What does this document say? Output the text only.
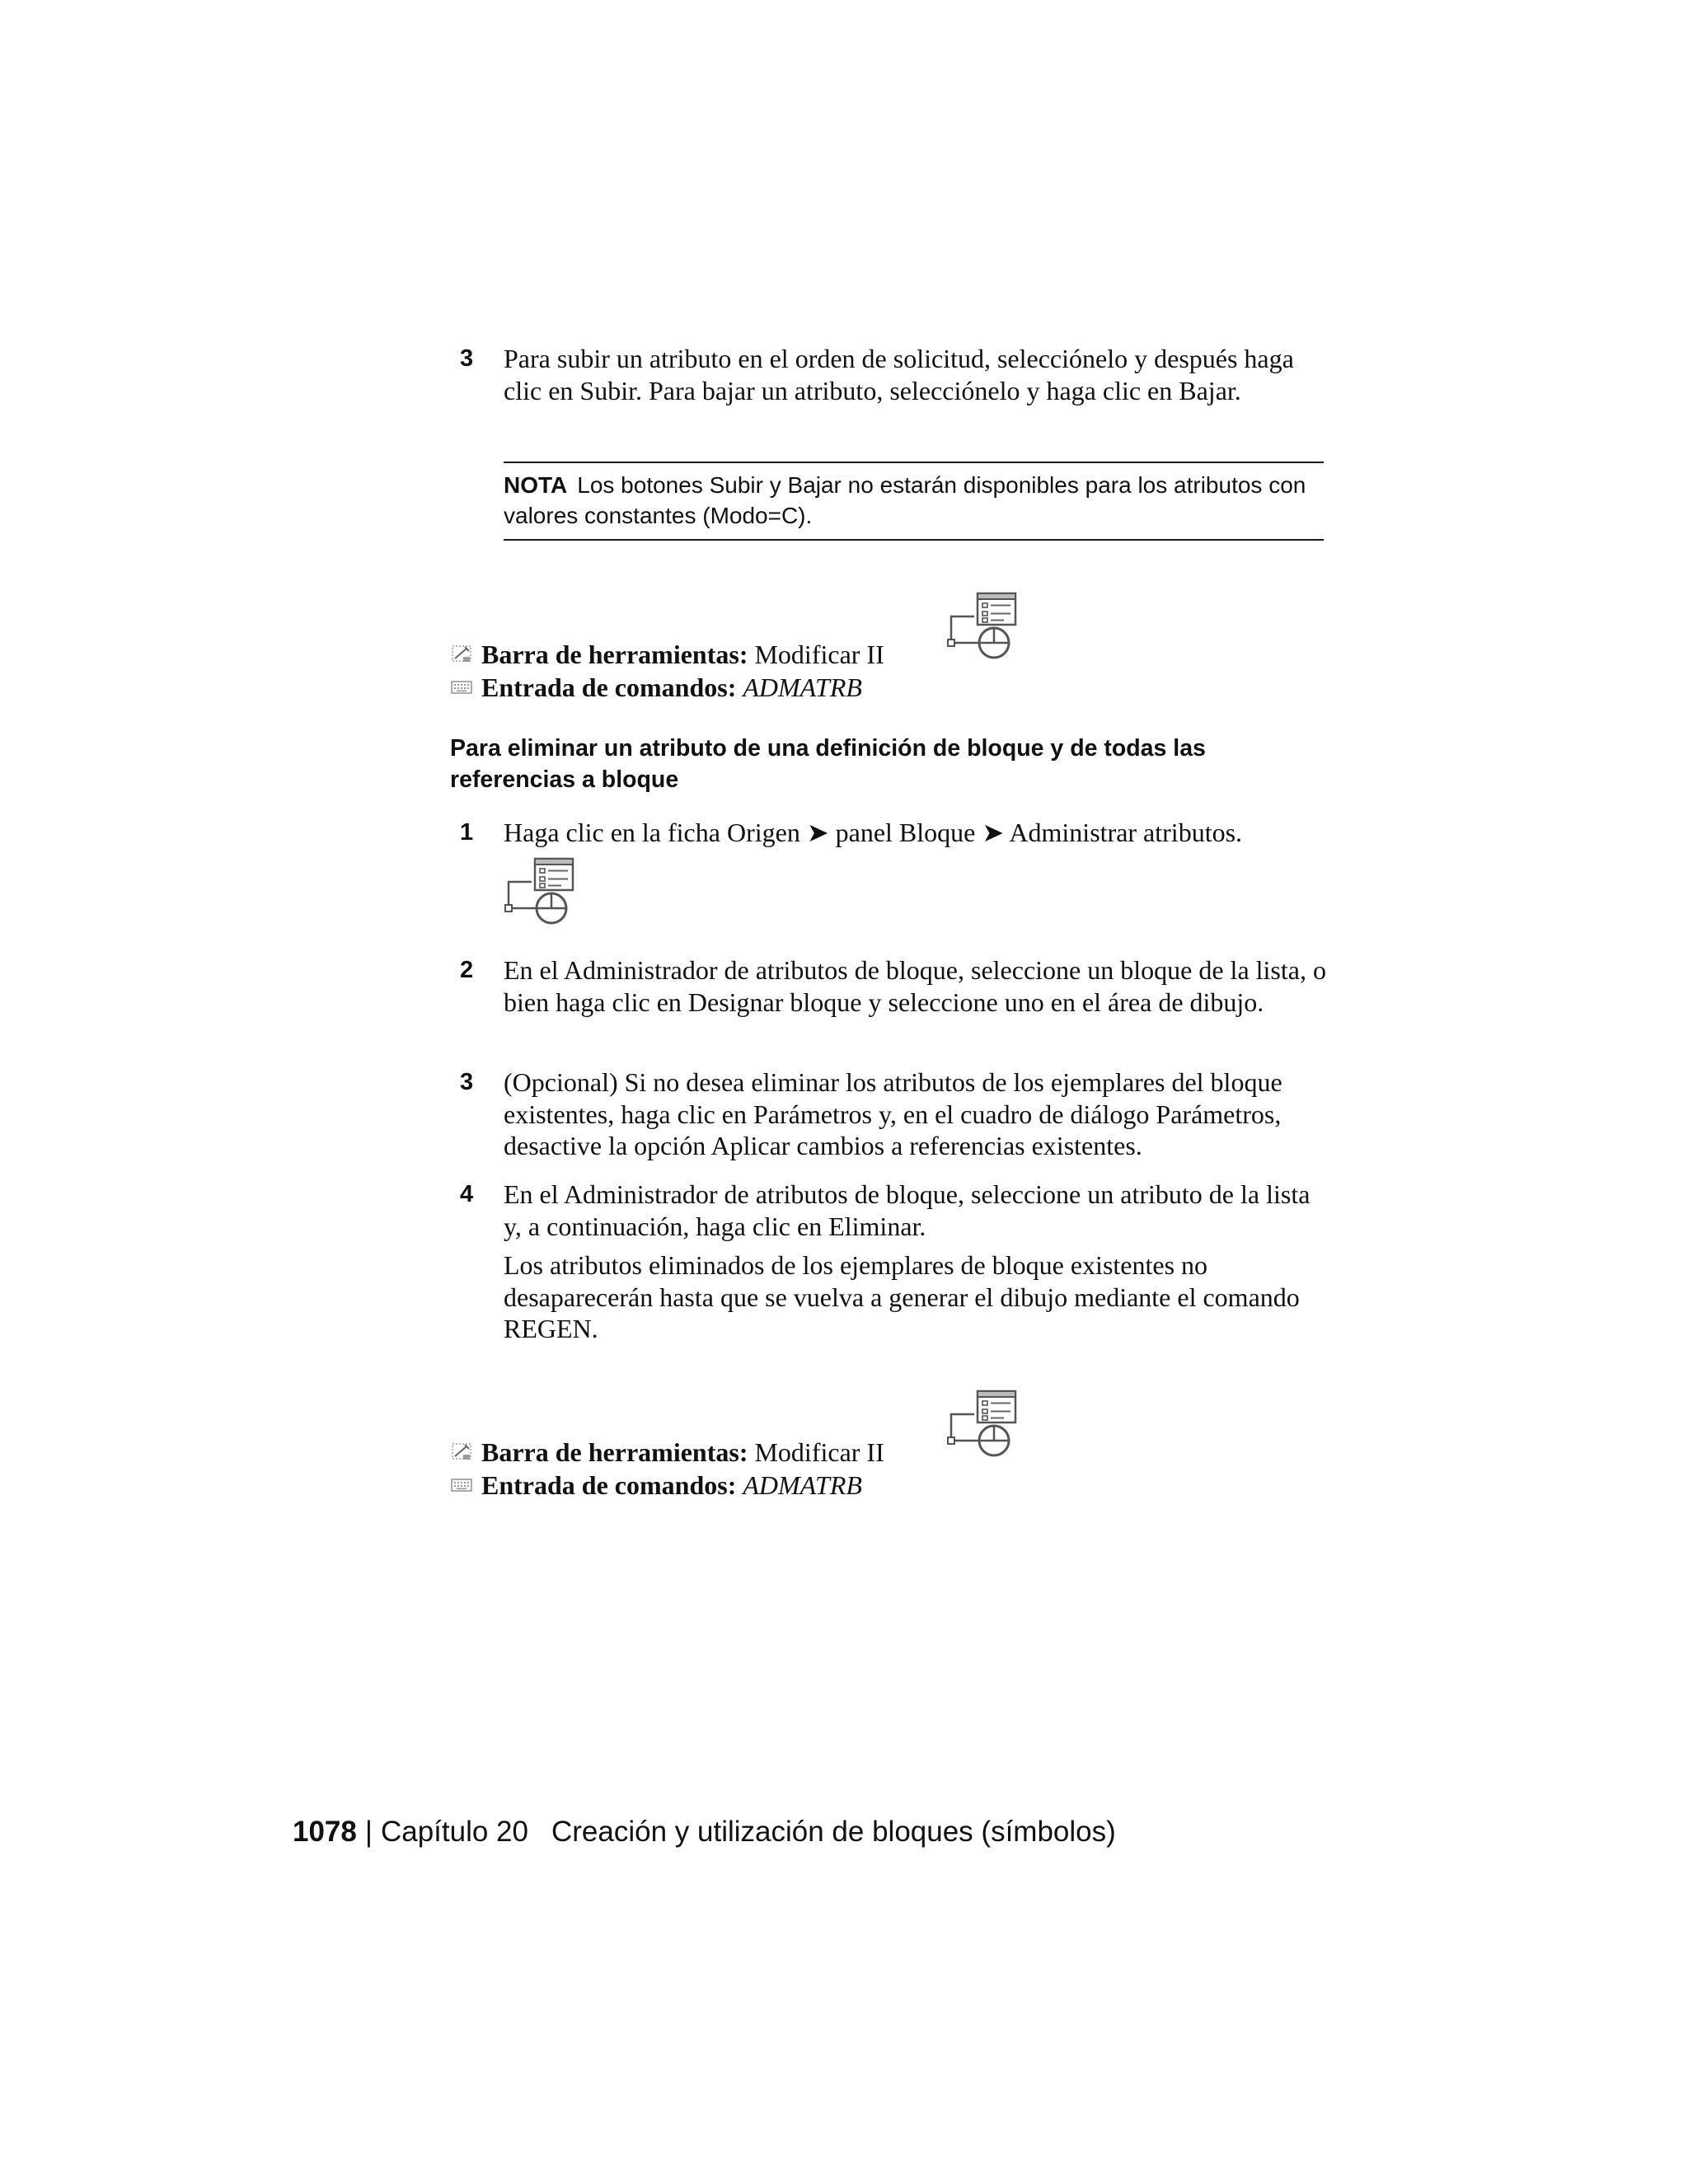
3	Para subir un atributo en el orden de solicitud, selecciónelo y después haga clic en Subir. Para bajar un atributo, selecciónelo y haga clic en Bajar.

NOTA Los botones Subir y Bajar no estarán disponibles para los atributos con valores constantes (Modo=C).

Barra de herramientas: Modificar II
Entrada de comandos: ADMATRB

Para eliminar un atributo de una definición de bloque y de todas las referencias a bloque

1	Haga clic en la ficha Origen ➤ panel Bloque ➤ Administrar atributos.

2	En el Administrador de atributos de bloque, seleccione un bloque de la lista, o bien haga clic en Designar bloque y seleccione uno en el área de dibujo.

3	(Opcional) Si no desea eliminar los atributos de los ejemplares del bloque existentes, haga clic en Parámetros y, en el cuadro de diálogo Parámetros, desactive la opción Aplicar cambios a referencias existentes.

4	En el Administrador de atributos de bloque, seleccione un atributo de la lista y, a continuación, haga clic en Eliminar.

Los atributos eliminados de los ejemplares de bloque existentes no desaparecerán hasta que se vuelva a generar el dibujo mediante el comando REGEN.

Barra de herramientas: Modificar II
Entrada de comandos: ADMATRB
1078 | Capítulo 20 Creación y utilización de bloques (símbolos)
